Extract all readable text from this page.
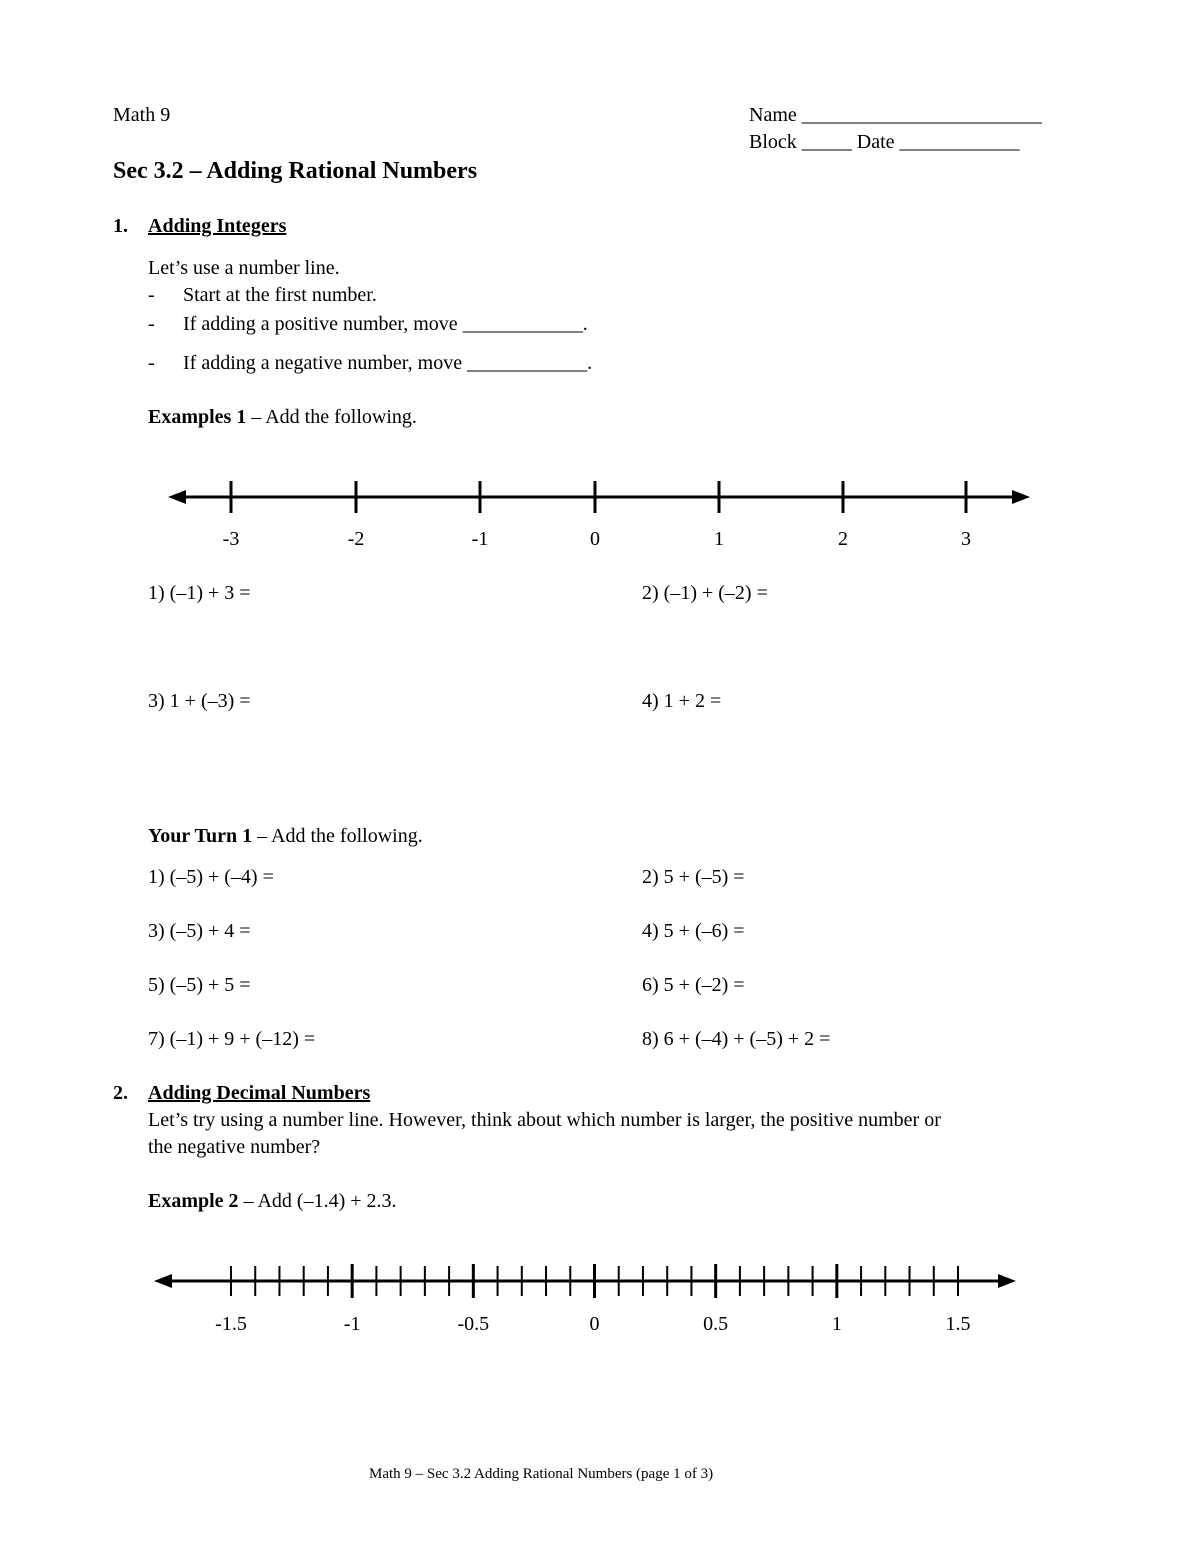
Math 9	Name ________________________
Block _____ Date ____________
Sec 3.2 – Adding Rational Numbers
1. Adding Integers
Let’s use a number line.
- Start at the first number.
- If adding a positive number, move ____________.
- If adding a negative number, move ____________.
Examples 1 – Add the following.
-3	-2	-1	0	1	2	3
1) (–1) + 3 =	2) (–1) + (–2) =
3) 1 + (–3) =	4) 1 + 2 =
Your Turn 1 – Add the following.
1) (–5) + (–4) =	2) 5 + (–5) =
3) (–5) + 4 =	4) 5 + (–6) =
5) (–5) + 5 =	6) 5 + (–2) =
7) (–1) + 9 + (–12) =	8) 6 + (–4) + (–5) + 2 =
2. Adding Decimal Numbers
Let’s try using a number line. However, think about which number is larger, the positive number or
the negative number?
Example 2 – Add (–1.4) + 2.3.
-1.5	-1	-0.5	0	0.5	1	1.5
Math 9 – Sec 3.2 Adding Rational Numbers (page 1 of 3)
